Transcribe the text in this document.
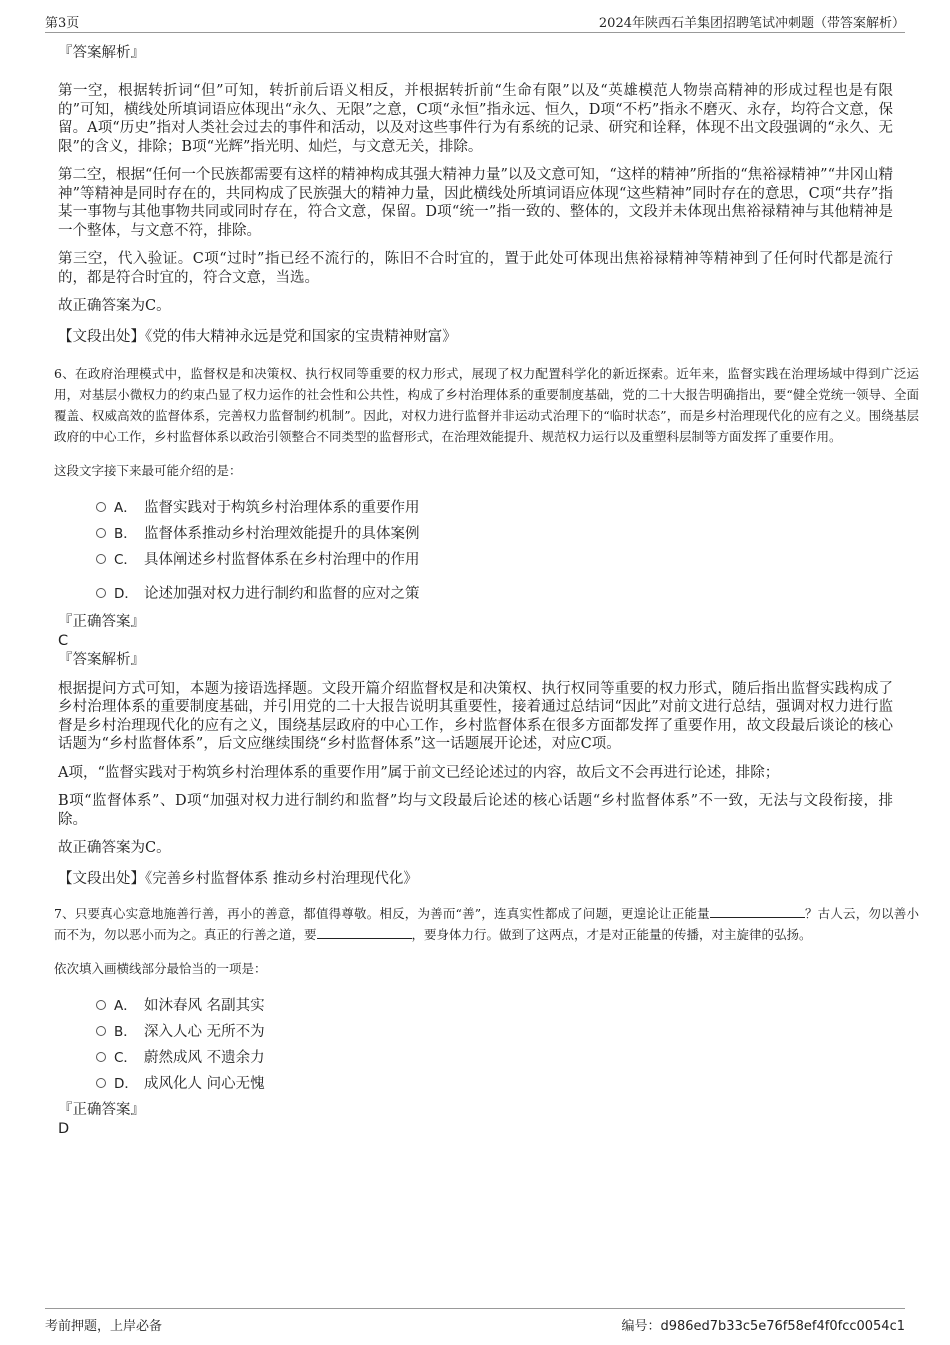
第3页	2024年陕西石羊集团招聘笔试冲刺题（带答案解析）

『答案解析』

第一空，根据转折词“但”可知，转折前后语义相反，并根据转折前“生命有限”以及“英雄模范人物崇高精神的形成过程也是有限的”可知，横线处所填词语应体现出“永久、无限”之意，C项“永恒”指永远、恒久，D项“不朽”指永不磨灭、永存，均符合文意，保留。A项“历史”指对人类社会过去的事件和活动，以及对这些事件行为有系统的记录、研究和诠释，体现不出文段强调的“永久、无限”的含义，排除；B项“光辉”指光明、灿烂，与文意无关，排除。

第二空，根据“任何一个民族都需要有这样的精神构成其强大精神力量”以及文意可知，“这样的精神”所指的“焦裕禄精神”“井冈山精神”等精神是同时存在的，共同构成了民族强大的精神力量，因此横线处所填词语应体现“这些精神”同时存在的意思，C项“共存”指某一事物与其他事物共同或同时存在，符合文意，保留。D项“统一”指一致的、整体的，文段并未体现出焦裕禄精神与其他精神是一个整体，与文意不符，排除。

第三空，代入验证。C项“过时”指已经不流行的，陈旧不合时宜的，置于此处可体现出焦裕禄精神等精神到了任何时代都是流行的，都是符合时宜的，符合文意，当选。

故正确答案为C。

【文段出处】《党的伟大精神永远是党和国家的宝贵精神财富》

6、在政府治理模式中，监督权是和决策权、执行权同等重要的权力形式，展现了权力配置科学化的新近探索。近年来，监督实践在治理场域中得到广泛运用，对基层小微权力的约束凸显了权力运作的社会性和公共性，构成了乡村治理体系的重要制度基础，党的二十大报告明确指出，要“健全党统一领导、全面覆盖、权威高效的监督体系，完善权力监督制约机制”。因此，对权力进行监督并非运动式治理下的“临时状态”，而是乡村治理现代化的应有之义。围绕基层政府的中心工作，乡村监督体系以政治引领整合不同类型的监督形式，在治理效能提升、规范权力运行以及重塑科层制等方面发挥了重要作用。

这段文字接下来最可能介绍的是：

A． 监督实践对于构筑乡村治理体系的重要作用
B． 监督体系推动乡村治理效能提升的具体案例
C． 具体阐述乡村监督体系在乡村治理中的作用
D． 论述加强对权力进行制约和监督的应对之策

『正确答案』

C

『答案解析』

根据提问方式可知，本题为接语选择题。文段开篇介绍监督权是和决策权、执行权同等重要的权力形式，随后指出监督实践构成了乡村治理体系的重要制度基础，并引用党的二十大报告说明其重要性，接着通过总结词“因此”对前文进行总结，强调对权力进行监督是乡村治理现代化的应有之义，围绕基层政府的中心工作，乡村监督体系在很多方面都发挥了重要作用，故文段最后谈论的核心话题为“乡村监督体系”，后文应继续围绕“乡村监督体系”这一话题展开论述，对应C项。

A项，“监督实践对于构筑乡村治理体系的重要作用”属于前文已经论述过的内容，故后文不会再进行论述，排除；

B项“监督体系”、D项“加强对权力进行制约和监督”均与文段最后论述的核心话题“乡村监督体系”不一致，无法与文段衔接，排除。

故正确答案为C。

【文段出处】《完善乡村监督体系 推动乡村治理现代化》

7、只要真心实意地施善行善，再小的善意，都值得尊敬。相反，为善而“善”，连真实性都成了问题，更遑论让正能量	？古人云，勿以善小而不为，勿以恶小而为之。真正的行善之道，要	，要身体力行。做到了这两点，才是对正能量的传播，对主旋律的弘扬。

依次填入画横线部分最恰当的一项是：

A． 如沐春风 名副其实
B． 深入人心 无所不为
C． 蔚然成风 不遗余力
D． 成风化人 问心无愧

『正确答案』

D

考前押题，上岸必备	编号：d986ed7b33c5e76f58ef4f0fcc0054c1
